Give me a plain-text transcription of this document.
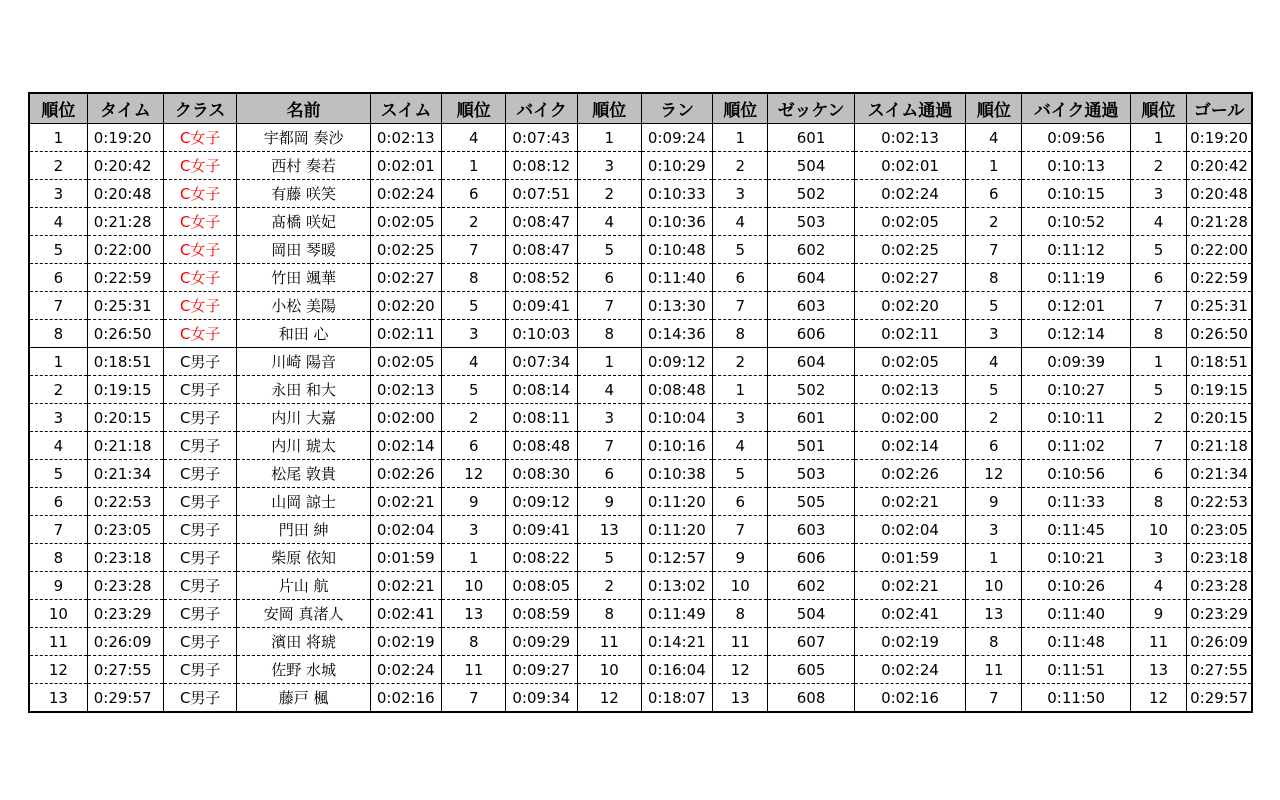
順位	タイム	クラス	名前	スイム	順位	バイク	順位	ラン	順位	ゼッケン	スイム通過	順位	バイク通過	順位	ゴール
1	0:19:20	C女子	宇都岡 奏沙	0:02:13	4	0:07:43	1	0:09:24	1	601	0:02:13	4	0:09:56	1	0:19:20
2	0:20:42	C女子	西村 奏若	0:02:01	1	0:08:12	3	0:10:29	2	504	0:02:01	1	0:10:13	2	0:20:42
3	0:20:48	C女子	有藤 咲笑	0:02:24	6	0:07:51	2	0:10:33	3	502	0:02:24	6	0:10:15	3	0:20:48
4	0:21:28	C女子	髙橋 咲妃	0:02:05	2	0:08:47	4	0:10:36	4	503	0:02:05	2	0:10:52	4	0:21:28
5	0:22:00	C女子	岡田 琴暖	0:02:25	7	0:08:47	5	0:10:48	5	602	0:02:25	7	0:11:12	5	0:22:00
6	0:22:59	C女子	竹田 颯華	0:02:27	8	0:08:52	6	0:11:40	6	604	0:02:27	8	0:11:19	6	0:22:59
7	0:25:31	C女子	小松 美陽	0:02:20	5	0:09:41	7	0:13:30	7	603	0:02:20	5	0:12:01	7	0:25:31
8	0:26:50	C女子	和田 心	0:02:11	3	0:10:03	8	0:14:36	8	606	0:02:11	3	0:12:14	8	0:26:50
1	0:18:51	C男子	川崎 陽音	0:02:05	4	0:07:34	1	0:09:12	2	604	0:02:05	4	0:09:39	1	0:18:51
2	0:19:15	C男子	永田 和大	0:02:13	5	0:08:14	4	0:08:48	1	502	0:02:13	5	0:10:27	5	0:19:15
3	0:20:15	C男子	内川 大嘉	0:02:00	2	0:08:11	3	0:10:04	3	601	0:02:00	2	0:10:11	2	0:20:15
4	0:21:18	C男子	内川 琥太	0:02:14	6	0:08:48	7	0:10:16	4	501	0:02:14	6	0:11:02	7	0:21:18
5	0:21:34	C男子	松尾 敦貴	0:02:26	12	0:08:30	6	0:10:38	5	503	0:02:26	12	0:10:56	6	0:21:34
6	0:22:53	C男子	山岡 諒士	0:02:21	9	0:09:12	9	0:11:20	6	505	0:02:21	9	0:11:33	8	0:22:53
7	0:23:05	C男子	門田 紳	0:02:04	3	0:09:41	13	0:11:20	7	603	0:02:04	3	0:11:45	10	0:23:05
8	0:23:18	C男子	柴原 依知	0:01:59	1	0:08:22	5	0:12:57	9	606	0:01:59	1	0:10:21	3	0:23:18
9	0:23:28	C男子	片山 航	0:02:21	10	0:08:05	2	0:13:02	10	602	0:02:21	10	0:10:26	4	0:23:28
10	0:23:29	C男子	安岡 真渚人	0:02:41	13	0:08:59	8	0:11:49	8	504	0:02:41	13	0:11:40	9	0:23:29
11	0:26:09	C男子	濱田 将琥	0:02:19	8	0:09:29	11	0:14:21	11	607	0:02:19	8	0:11:48	11	0:26:09
12	0:27:55	C男子	佐野 水城	0:02:24	11	0:09:27	10	0:16:04	12	605	0:02:24	11	0:11:51	13	0:27:55
13	0:29:57	C男子	藤戸 楓	0:02:16	7	0:09:34	12	0:18:07	13	608	0:02:16	7	0:11:50	12	0:29:57
